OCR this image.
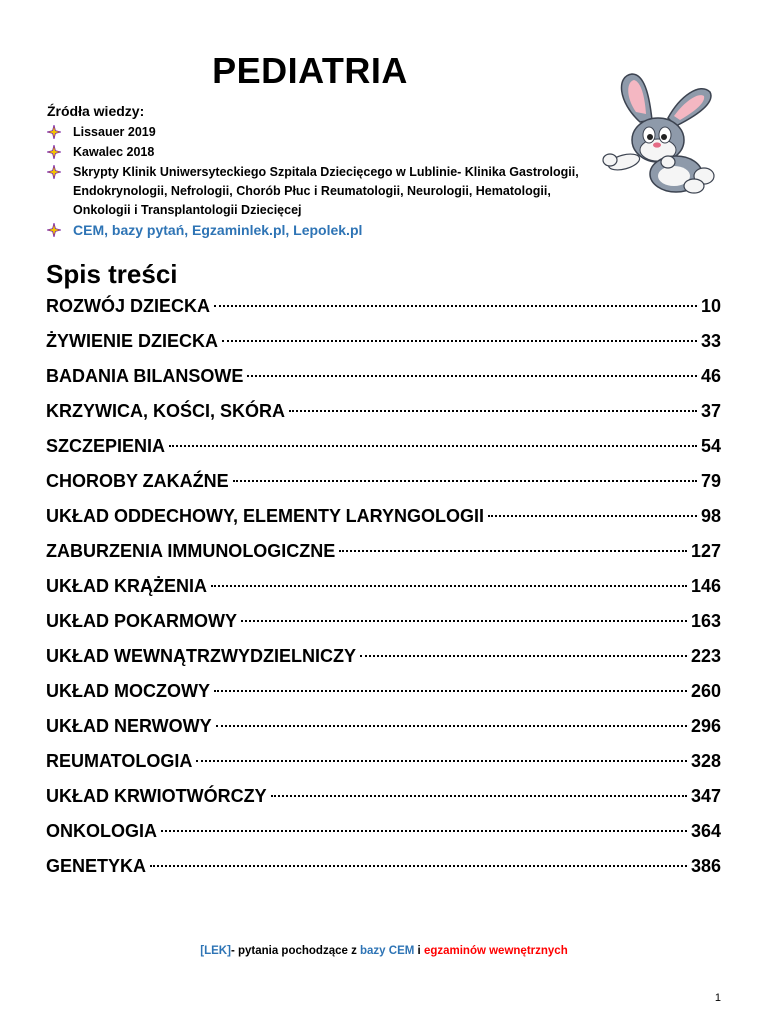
PEDIATRIA
Źródła wiedzy:
Lissauer 2019
Kawalec 2018
Skrypty Klinik Uniwersyteckiego Szpitala Dziecięcego w Lublinie- Klinika Gastrologii, Endokrynologii, Nefrologii, Chorób Płuc i Reumatologii, Neurologii, Hematologii, Onkologii i Transplantologii Dziecięcej
CEM, bazy pytań, Egzaminlek.pl, Lepolek.pl
Spis treści
ROZWÓJ DZIECKA	10
ŻYWIENIE DZIECKA	33
BADANIA BILANSOWE	46
KRZYWICA, KOŚCI, SKÓRA	37
SZCZEPIENIA	54
CHOROBY ZAKAŹNE	79
UKŁAD ODDECHOWY, ELEMENTY LARYNGOLOGII	98
ZABURZENIA IMMUNOLOGICZNE	127
UKŁAD KRĄŻENIA	146
UKŁAD POKARMOWY	163
UKŁAD WEWNĄTRZWYDZIELNICZY	223
UKŁAD MOCZOWY	260
UKŁAD NERWOWY	296
REUMATOLOGIA	328
UKŁAD KRWIOTWÓRCZY	347
ONKOLOGIA	364
GENETYKA	386
[LEK]- pytania pochodzące z bazy CEM i egzaminów wewnętrznych
1
